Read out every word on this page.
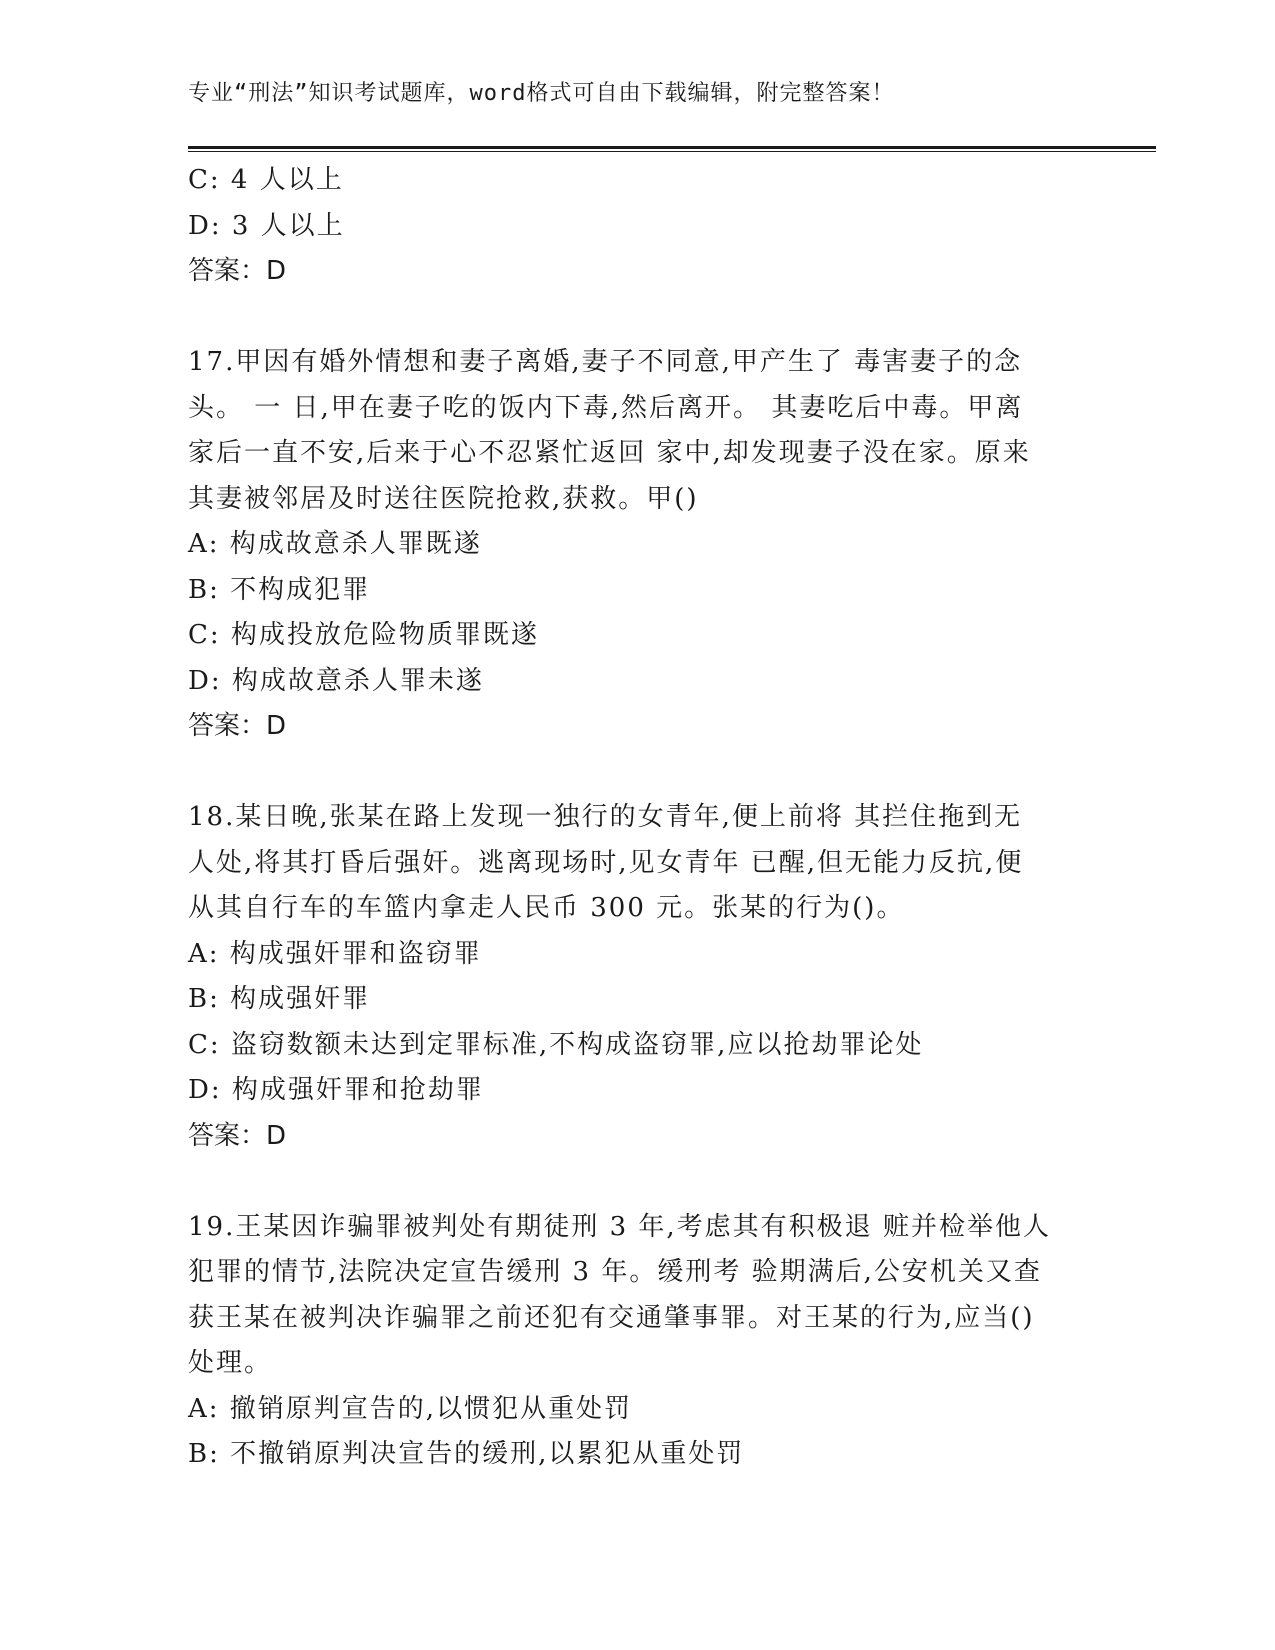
专业“刑法”知识考试题库，word格式可自由下载编辑，附完整答案！
C: 4 人以上
D: 3 人以上
答案：D
17.甲因有婚外情想和妻子离婚,妻子不同意,甲产生了 毒害妻子的念
头。 一 日,甲在妻子吃的饭内下毒,然后离开。 其妻吃后中毒。甲离
家后一直不安,后来于心不忍紧忙返回 家中,却发现妻子没在家。原来
其妻被邻居及时送往医院抢救,获救。甲()
A: 构成故意杀人罪既遂
B: 不构成犯罪
C: 构成投放危险物质罪既遂
D: 构成故意杀人罪未遂
答案：D
18.某日晚,张某在路上发现一独行的女青年,便上前将 其拦住拖到无
人处,将其打昏后强奸。逃离现场时,见女青年 已醒,但无能力反抗,便
从其自行车的车篮内拿走人民币 300 元。张某的行为()。
A: 构成强奸罪和盗窃罪
B: 构成强奸罪
C: 盗窃数额未达到定罪标准,不构成盗窃罪,应以抢劫罪论处
D: 构成强奸罪和抢劫罪
答案：D
19.王某因诈骗罪被判处有期徒刑 3 年,考虑其有积极退 赃并检举他人
犯罪的情节,法院决定宣告缓刑 3 年。缓刑考 验期满后,公安机关又查
获王某在被判决诈骗罪之前还犯有交通肇事罪。对王某的行为,应当()
处理。
A: 撤销原判宣告的,以惯犯从重处罚
B: 不撤销原判决宣告的缓刑,以累犯从重处罚
